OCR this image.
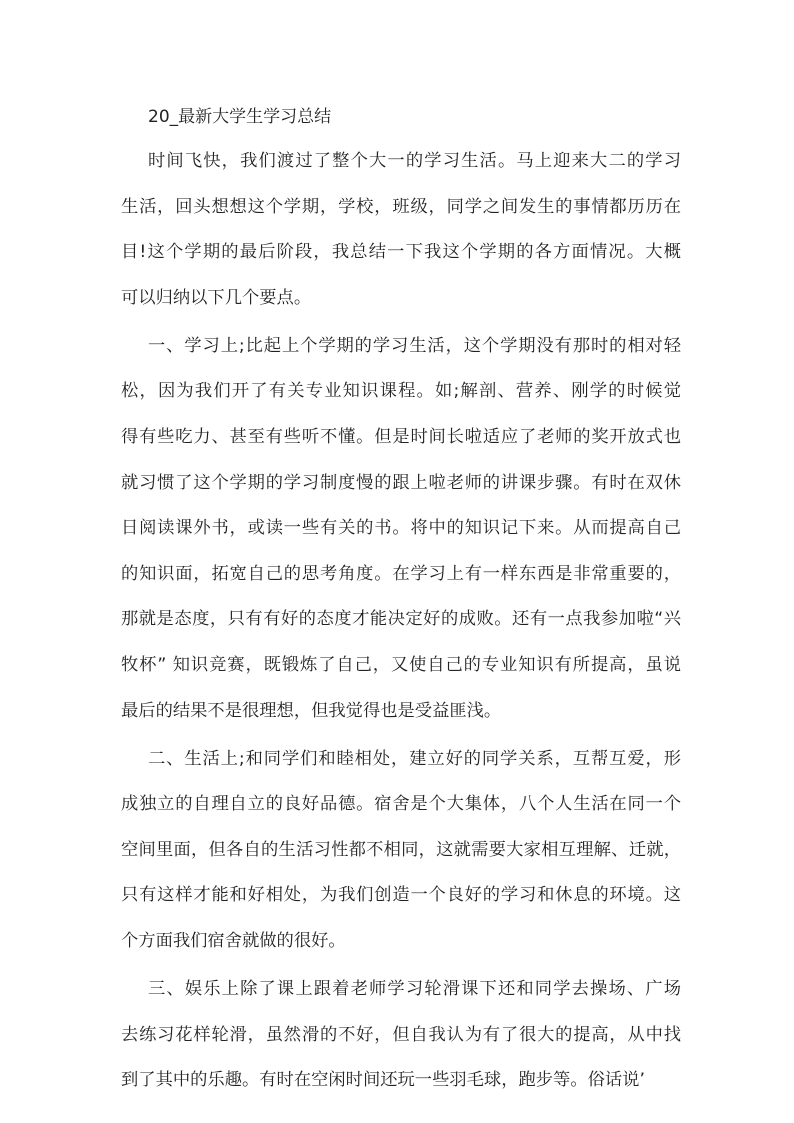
20_最新大学生学习总结
时间飞快，我们渡过了整个大一的学习生活。马上迎来大二的学习
生活，回头想想这个学期，学校，班级，同学之间发生的事情都历历在
目!这个学期的最后阶段，我总结一下我这个学期的各方面情况。大概
可以归纳以下几个要点。
一、学习上;比起上个学期的学习生活，这个学期没有那时的相对轻
松，因为我们开了有关专业知识课程。如;解剖、营养、刚学的时候觉
得有些吃力、甚至有些听不懂。但是时间长啦适应了老师的奖开放式也
就习惯了这个学期的学习制度慢的跟上啦老师的讲课步骤。有时在双休
日阅读课外书，或读一些有关的书。将中的知识记下来。从而提高自己
的知识面，拓宽自己的思考角度。在学习上有一样东西是非常重要的，
那就是态度，只有有好的态度才能决定好的成败。还有一点我参加啦“兴
牧杯” 知识竞赛，既锻炼了自己，又使自己的专业知识有所提高，虽说
最后的结果不是很理想，但我觉得也是受益匪浅。
二、生活上;和同学们和睦相处，建立好的同学关系，互帮互爱，形
成独立的自理自立的良好品德。宿舍是个大集体，八个人生活在同一个
空间里面，但各自的生活习性都不相同，这就需要大家相互理解、迁就，
只有这样才能和好相处，为我们创造一个良好的学习和休息的环境。这
个方面我们宿舍就做的很好。
三、娱乐上除了课上跟着老师学习轮滑课下还和同学去操场、广场
去练习花样轮滑，虽然滑的不好，但自我认为有了很大的提高，从中找
到了其中的乐趣。有时在空闲时间还玩一些羽毛球，跑步等。俗话说’
